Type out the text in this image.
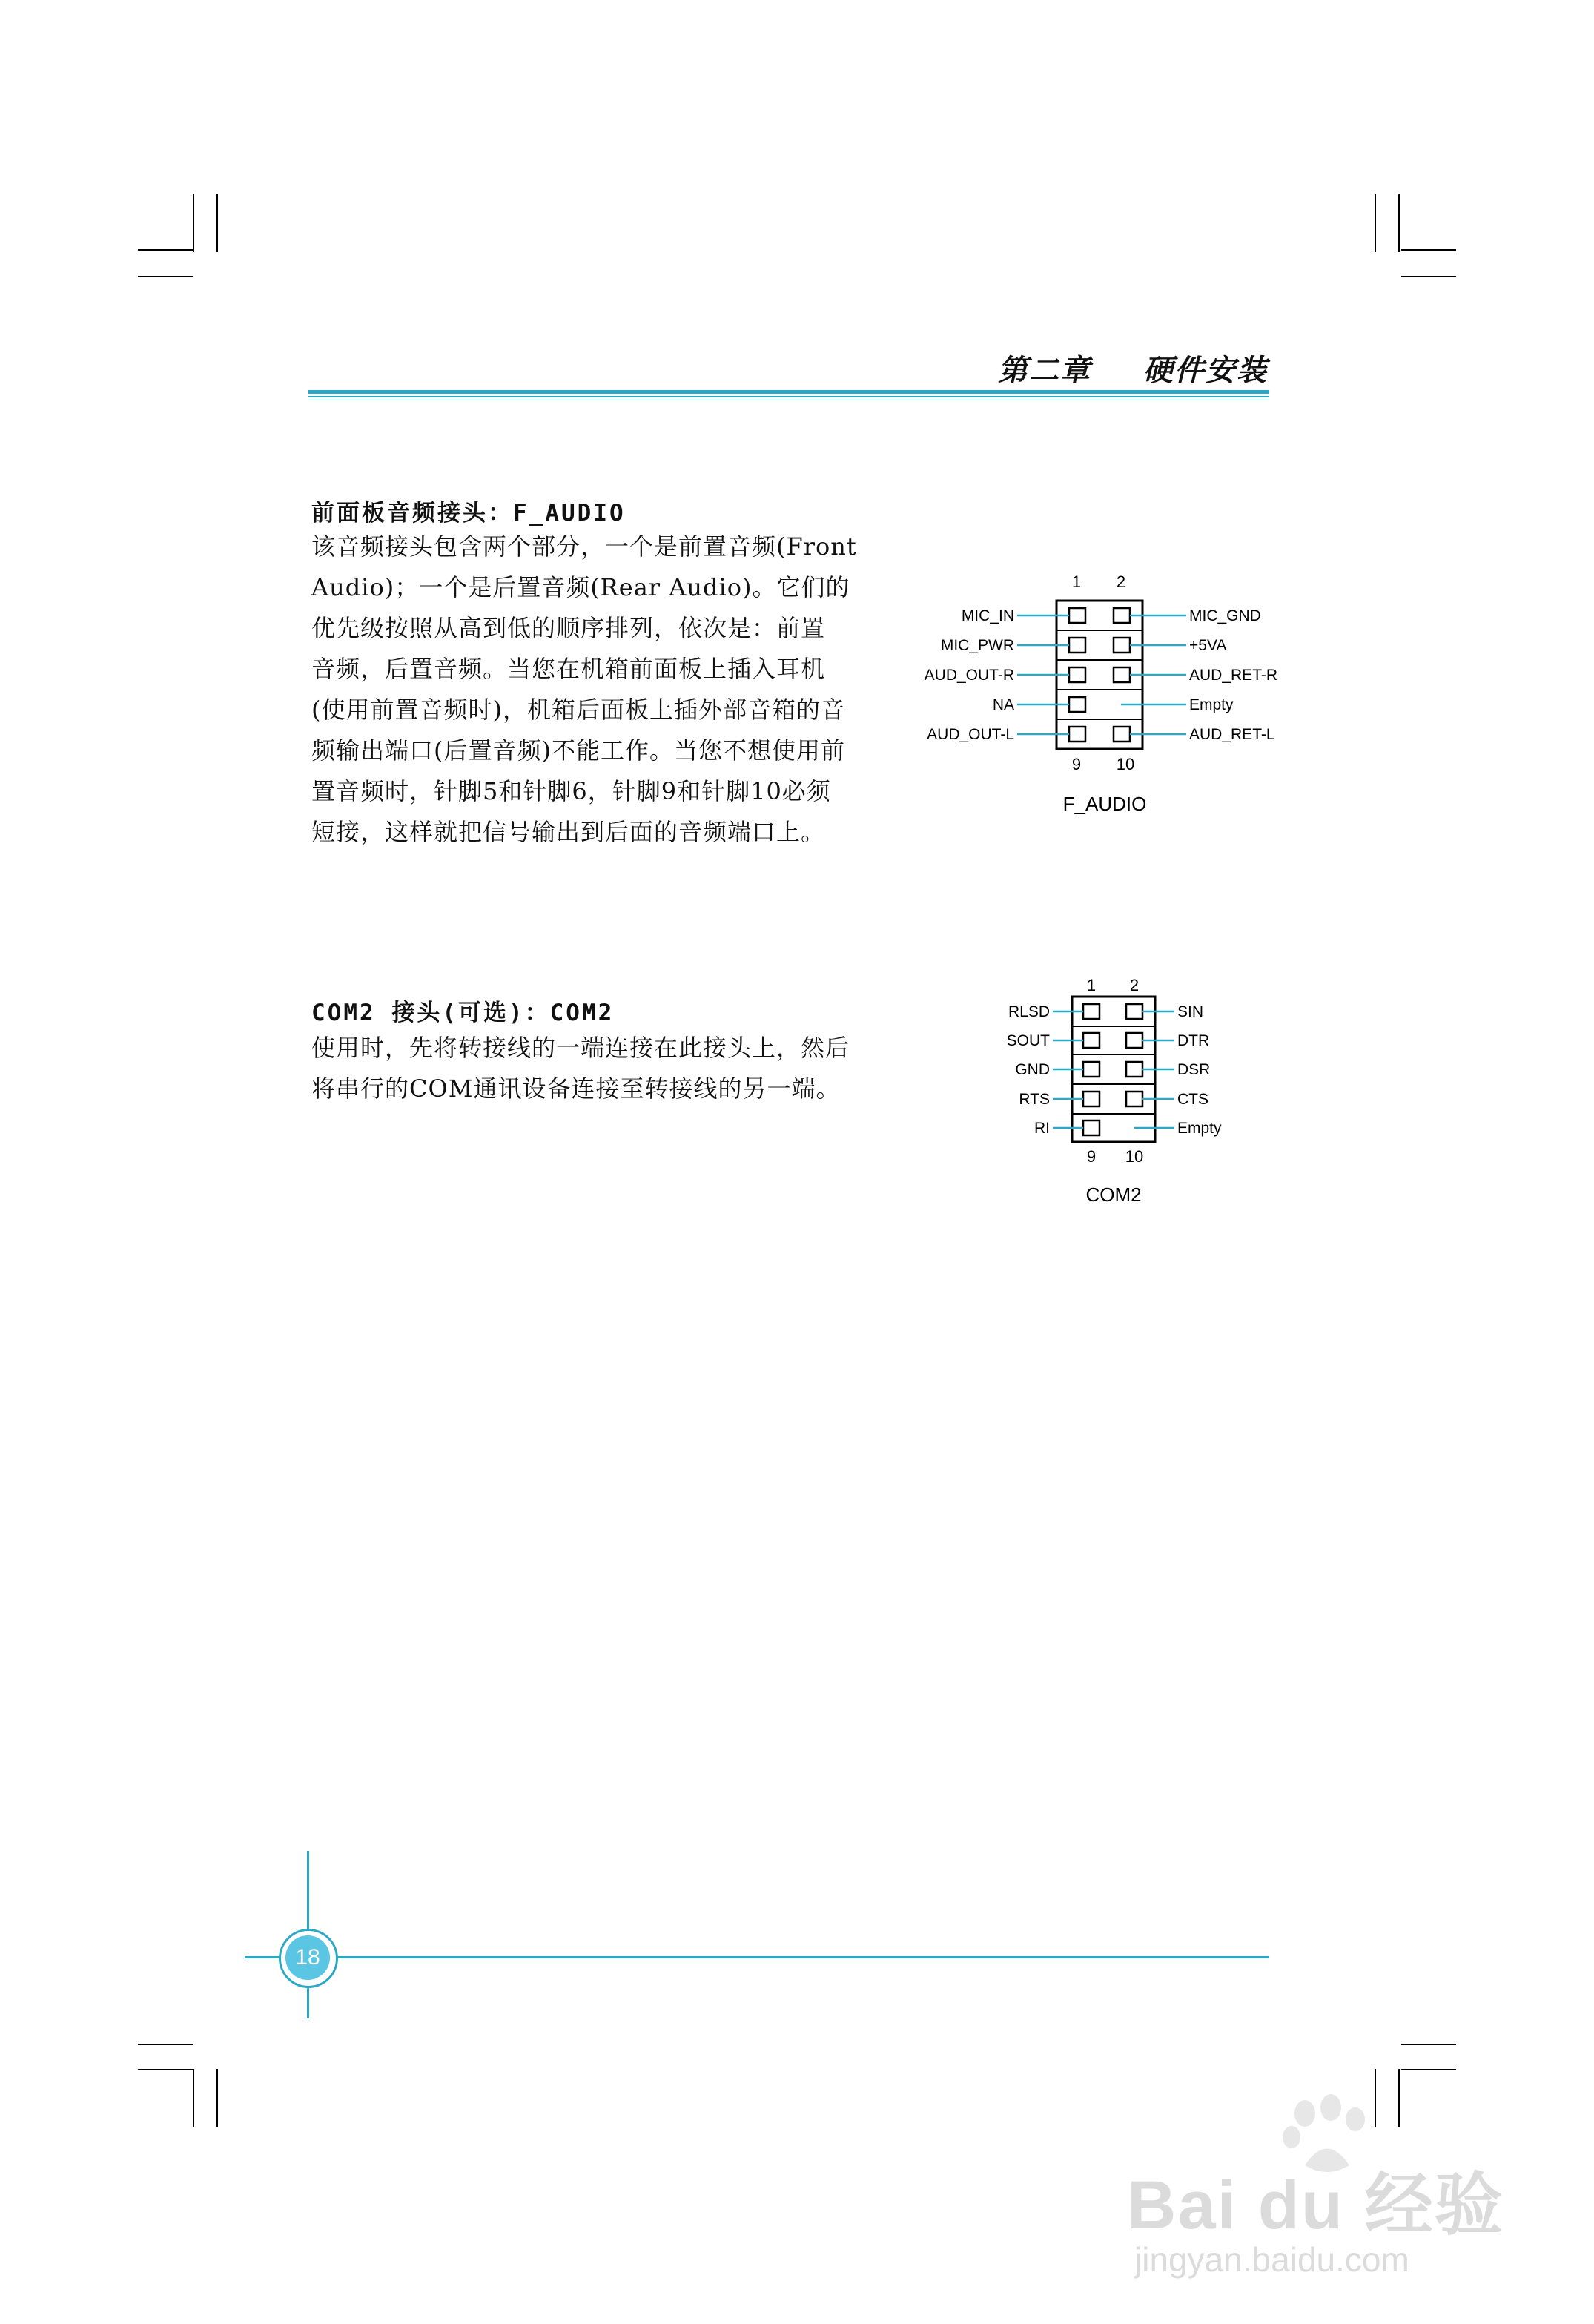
第二章 硬件安装
前面板音频接头：F_AUDIO
该音频接头包含两个部分，一个是前置音频(Front
Audio)；一个是后置音频(Rear Audio)。它们的
优先级按照从高到低的顺序排列，依次是：前置
音频，后置音频。当您在机箱前面板上插入耳机
(使用前置音频时)，机箱后面板上插外部音箱的音
频输出端口(后置音频)不能工作。当您不想使用前
置音频时，针脚5和针脚6，针脚9和针脚10必须
短接，这样就把信号输出到后面的音频端口上。
1 2
MIC_IN
MIC_PWR
AUD_OUT-R
NA
AUD_OUT-L
MIC_GND
+5VA
AUD_RET-R
Empty
AUD_RET-L
9 10
F_AUDIO
COM2 接头(可选)：COM2
使用时，先将转接线的一端连接在此接头上，然后
将串行的COM通讯设备连接至转接线的另一端。
1 2
RLSD
SOUT
GND
RTS
RI
SIN
DTR
DSR
CTS
Empty
9 10
COM2
18
Bai du 经验
jingyan.baidu.com
